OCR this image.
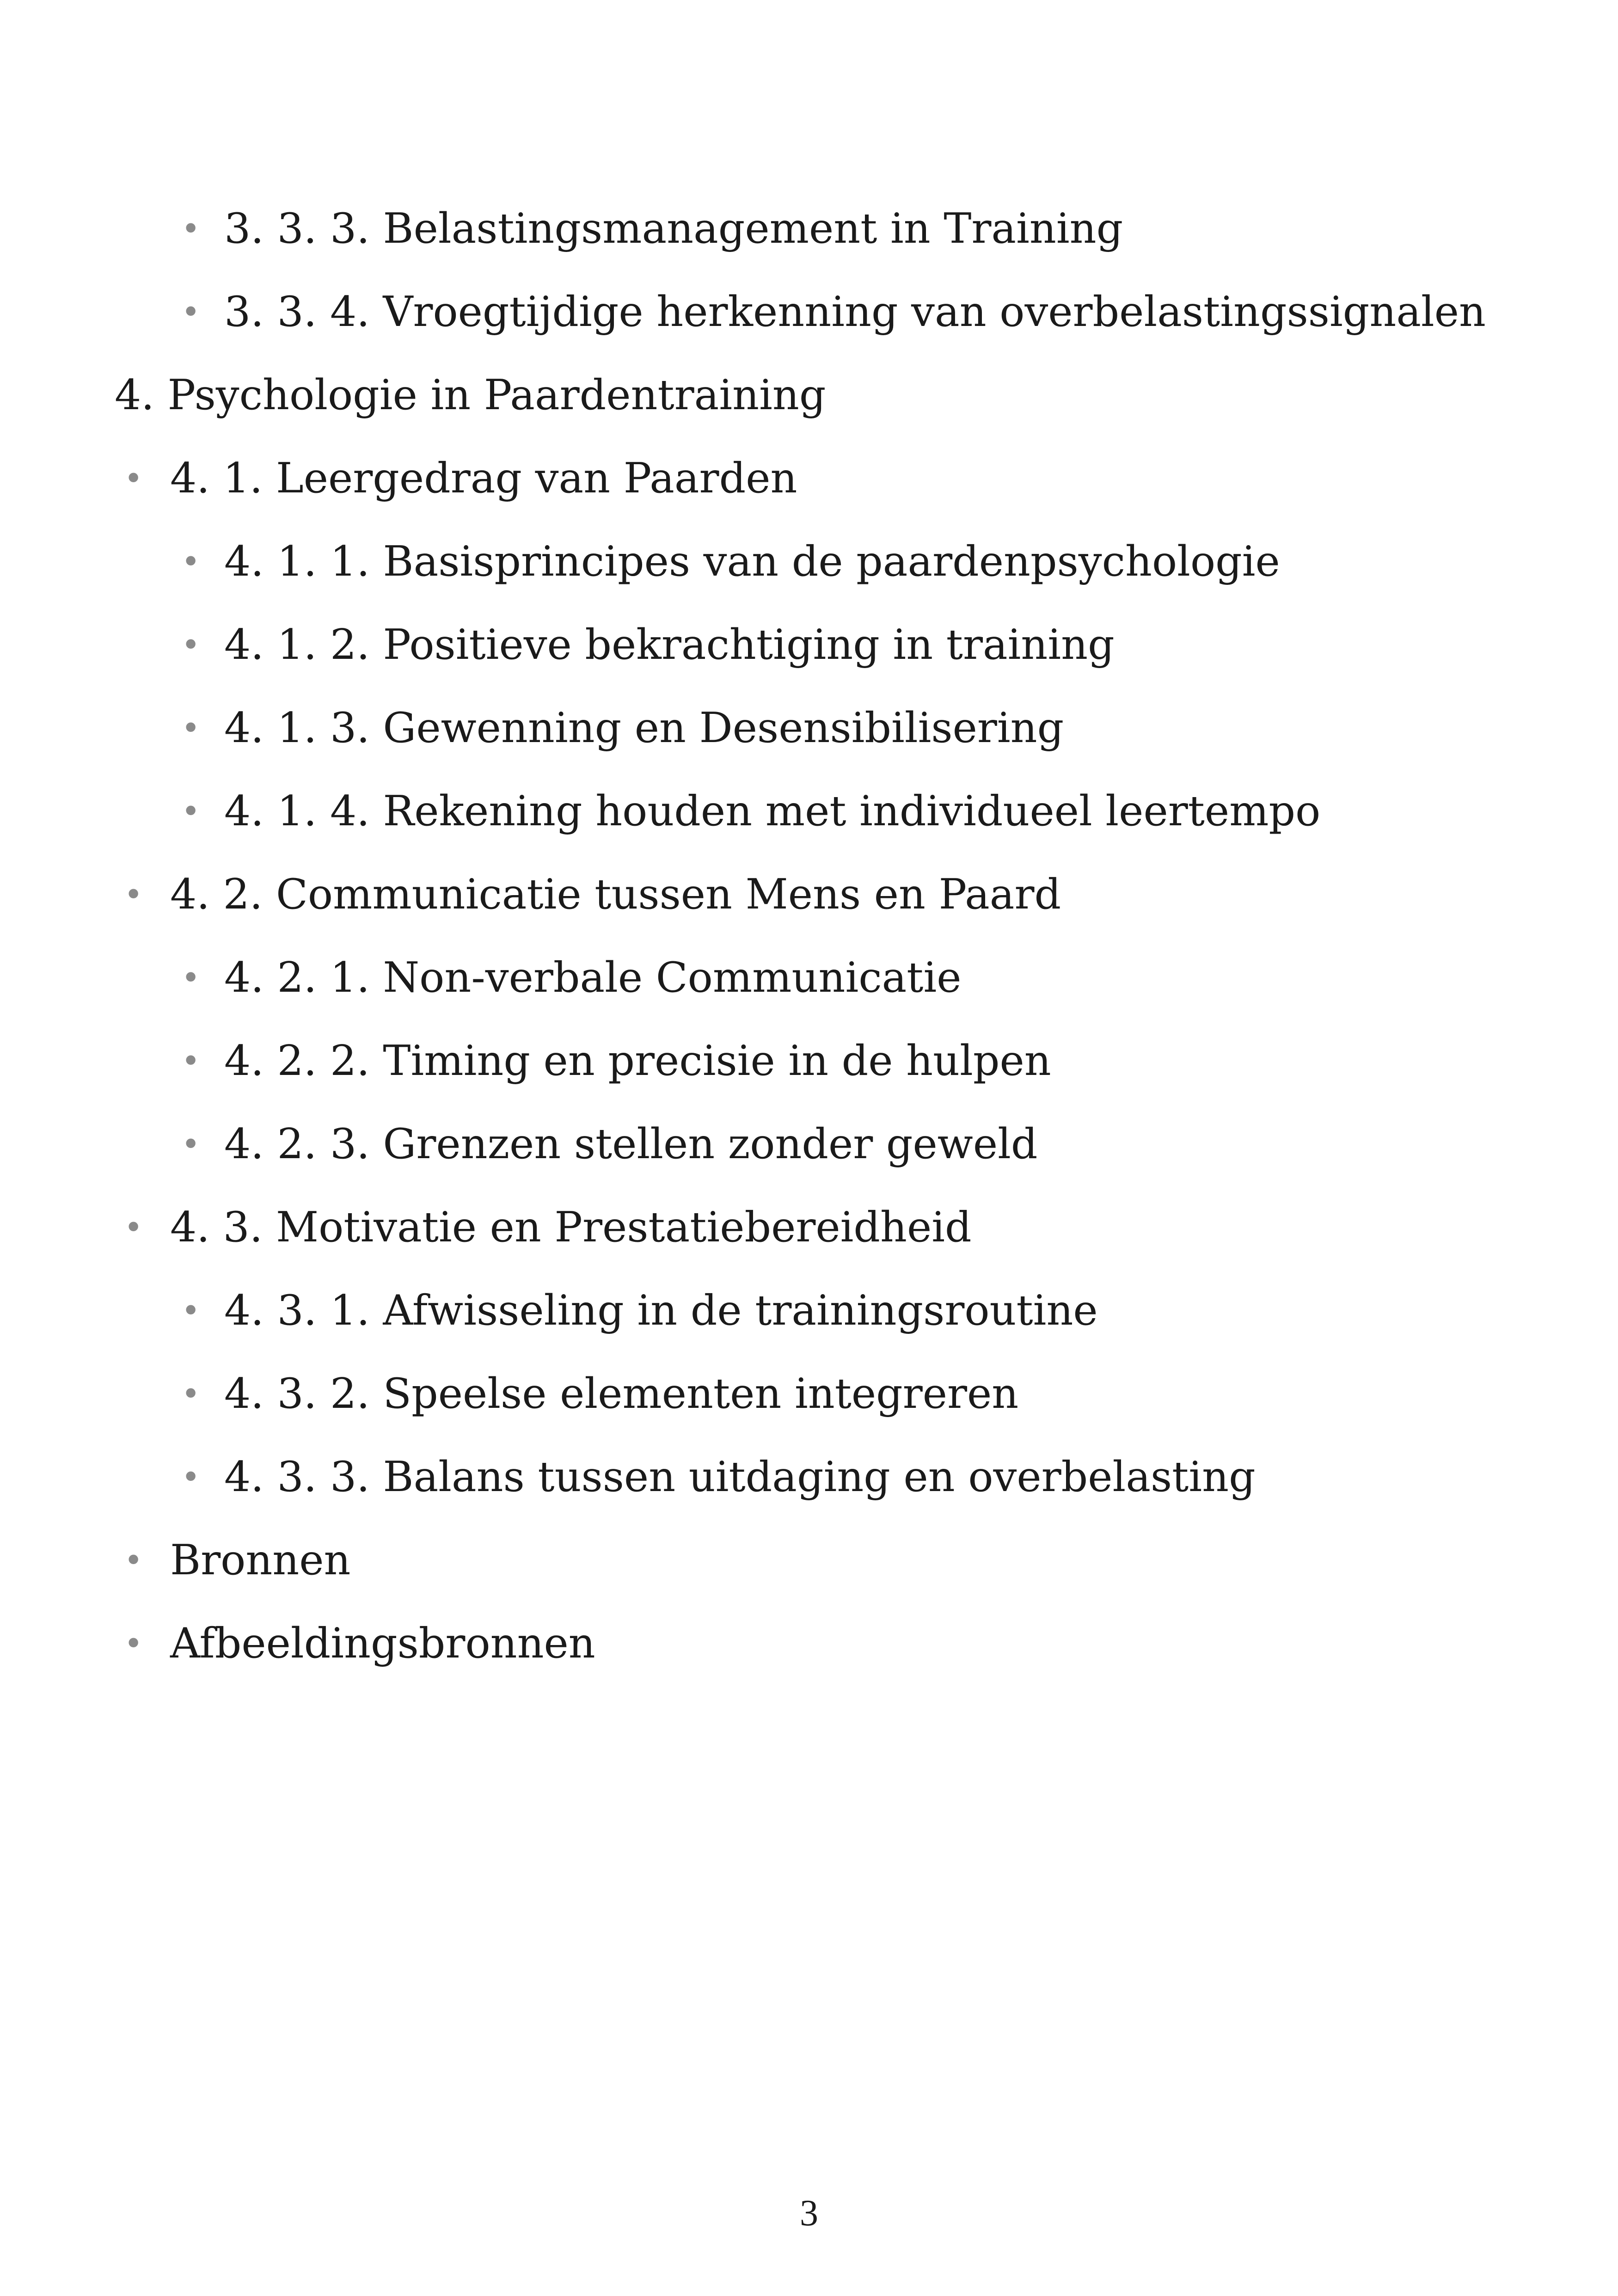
• 3. 3. 3. Belastingsmanagement in Training
• 3. 3. 4. Vroegtijdige herkenning van overbelastingssignalen
4. Psychologie in Paardentraining
• 4. 1. Leergedrag van Paarden
• 4. 1. 1. Basisprincipes van de paardenpsychologie
• 4. 1. 2. Positieve bekrachtiging in training
• 4. 1. 3. Gewenning en Desensibilisering
• 4. 1. 4. Rekening houden met individueel leertempo
• 4. 2. Communicatie tussen Mens en Paard
• 4. 2. 1. Non-verbale Communicatie
• 4. 2. 2. Timing en precisie in de hulpen
• 4. 2. 3. Grenzen stellen zonder geweld
• 4. 3. Motivatie en Prestatiebereidheid
• 4. 3. 1. Afwisseling in de trainingsroutine
• 4. 3. 2. Speelse elementen integreren
• 4. 3. 3. Balans tussen uitdaging en overbelasting
• Bronnen
• Afbeeldingsbronnen
3
